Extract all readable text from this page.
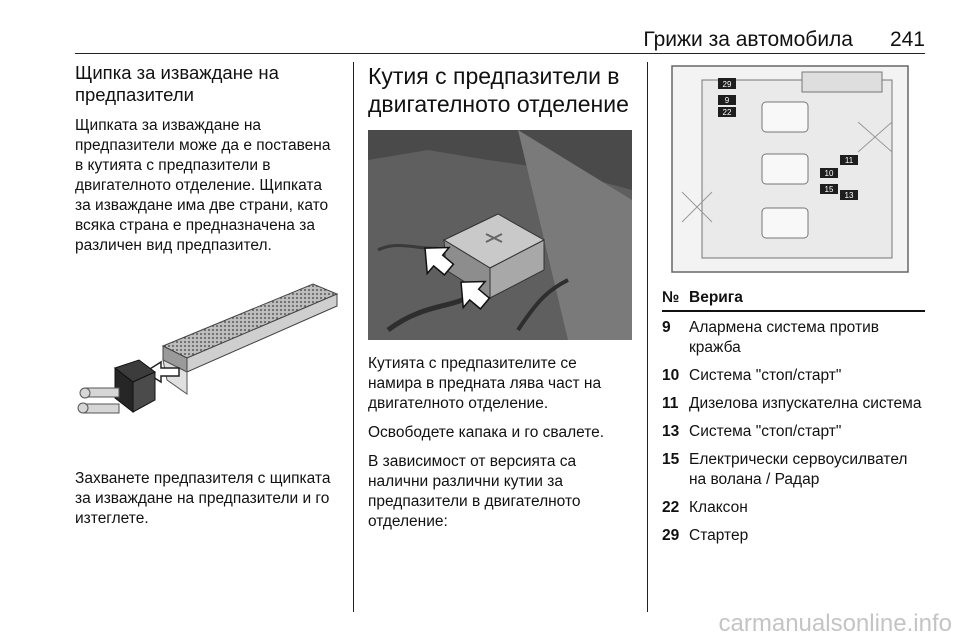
Грижи за автомобила 241
Щипка за изваждане на предпазители

Щипката за изваждане на предпазители може да е поставена в кутията с предпазители в двигателното отделение. Щипката за изваждане има две страни, като всяка страна е предназначена за различен вид предпазител.

Захванете предпазителя с щипката за изваждане на предпазители и го изтеглете.

Кутия с предпазители в двигателното отделение

Кутията с предпазителите се намира в предната лява част на двигателното отделение.

Освободете капака и го свалете.

В зависимост от версията са налични различни кутии за предпазители в двигателното отделение:

29
9
22
11
10
15
13
№ Верига
9	Алармена система против кражба
10 Система "стоп/старт"
11 Дизелова изпускателна система
13 Система "стоп/старт"
15 Електрически сервоусилвател на волана / Радар
22 Клаксон
29 Стартер
carmanualsonline.info
